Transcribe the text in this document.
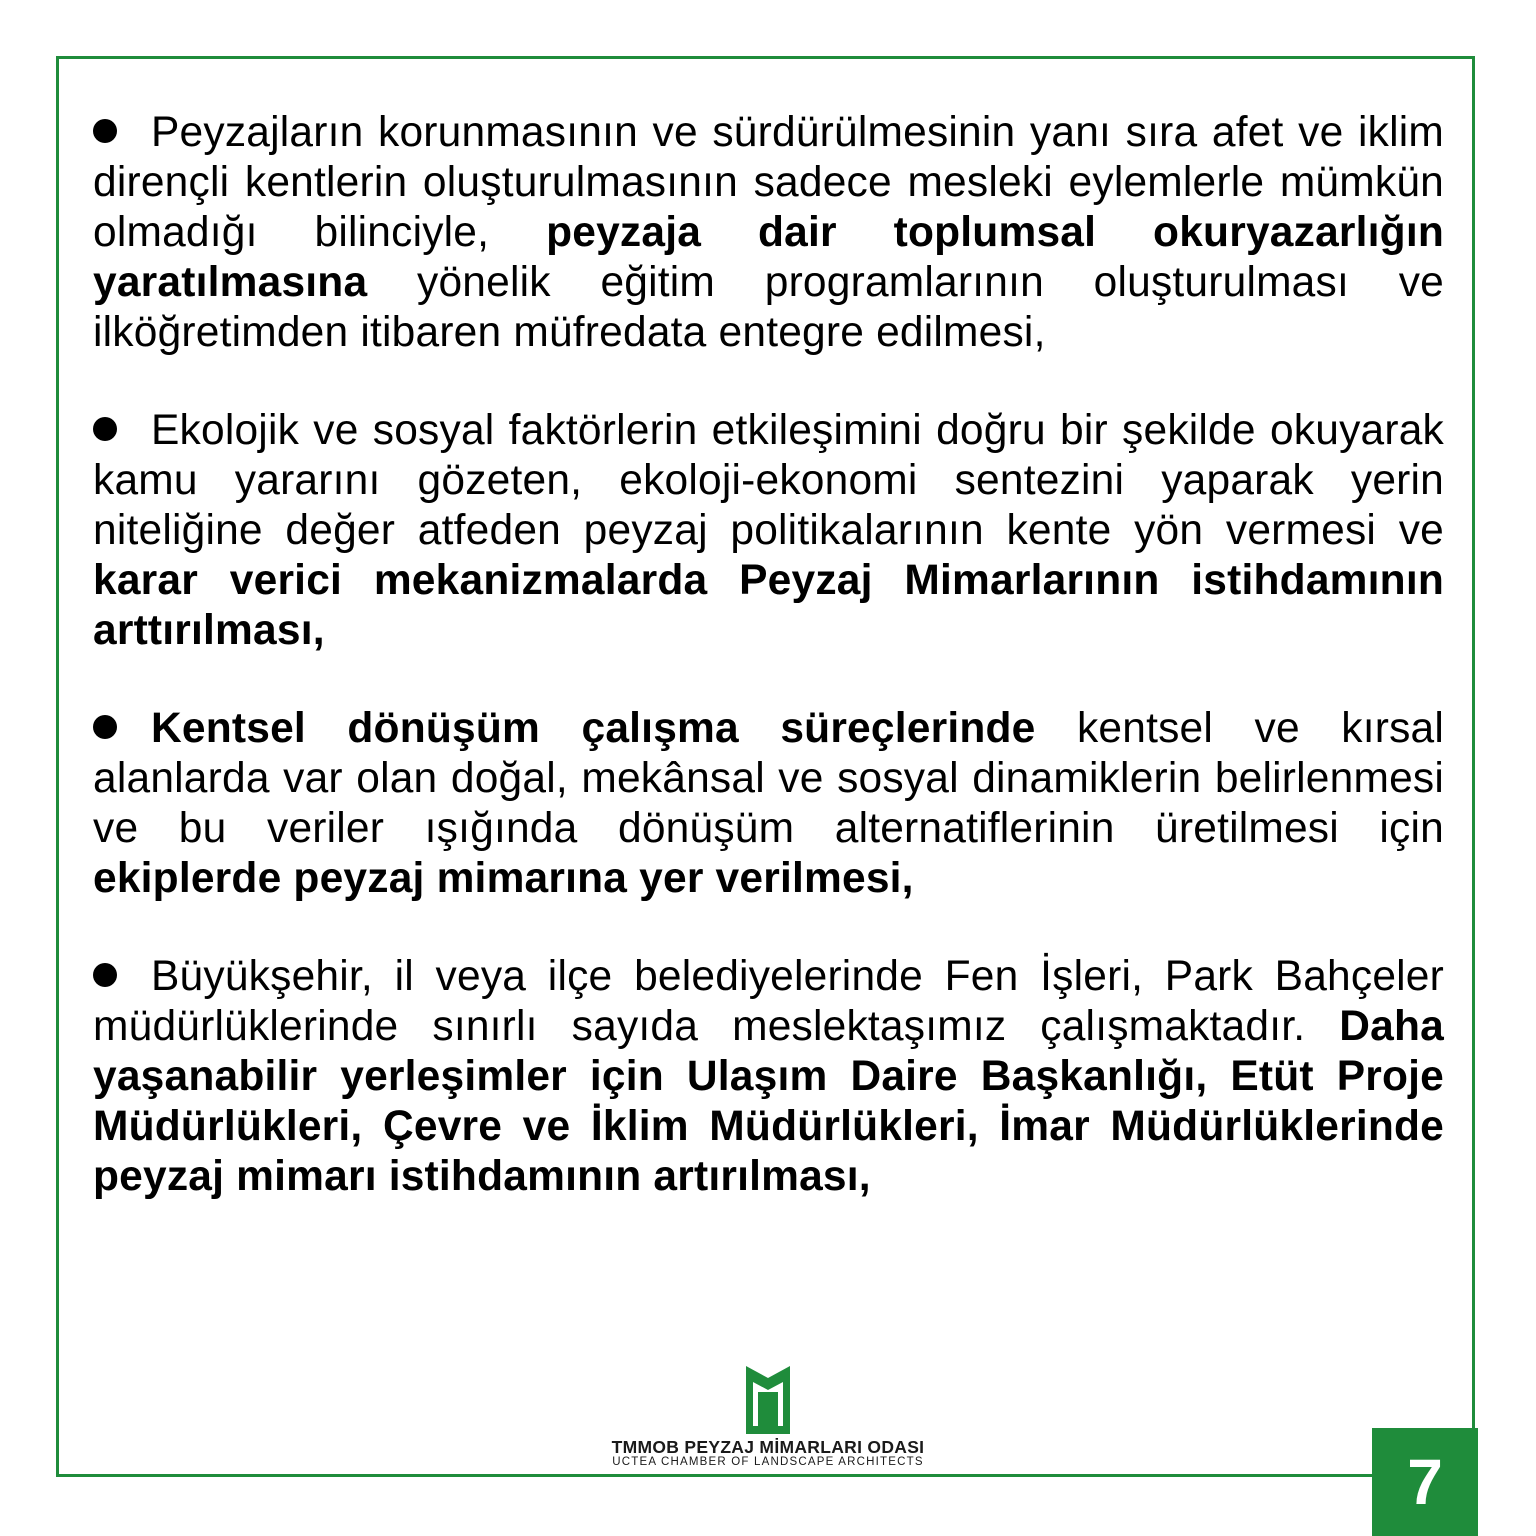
Peyzajların korunmasının ve sürdürülmesinin yanı sıra afet ve iklim dirençli kentlerin oluşturulmasının sadece mesleki eylemlerle mümkün olmadığı bilinciyle, peyzaja dair toplumsal okuryazarlığın yaratılmasına yönelik eğitim programlarının oluşturulması ve ilköğretimden itibaren müfredata entegre edilmesi,

Ekolojik ve sosyal faktörlerin etkileşimini doğru bir şekilde okuyarak kamu yararını gözeten, ekoloji-ekonomi sentezini yaparak yerin niteliğine değer atfeden peyzaj politikalarının kente yön vermesi ve karar verici mekanizmalarda Peyzaj Mimarlarının istihdamının arttırılması,

Kentsel dönüşüm çalışma süreçlerinde kentsel ve kırsal alanlarda var olan doğal, mekânsal ve sosyal dinamiklerin belirlenmesi ve bu veriler ışığında dönüşüm alternatiflerinin üretilmesi için ekiplerde peyzaj mimarına yer verilmesi,

Büyükşehir, il veya ilçe belediyelerinde Fen İşleri, Park Bahçeler müdürlüklerinde sınırlı sayıda meslektaşımız çalışmaktadır. Daha yaşanabilir yerleşimler için Ulaşım Daire Başkanlığı, Etüt Proje Müdürlükleri, Çevre ve İklim Müdürlükleri, İmar Müdürlüklerinde peyzaj mimarı istihdamının artırılması,

TMMOB PEYZAJ MİMARLARI ODASI
UCTEA CHAMBER OF LANDSCAPE ARCHITECTS	7
